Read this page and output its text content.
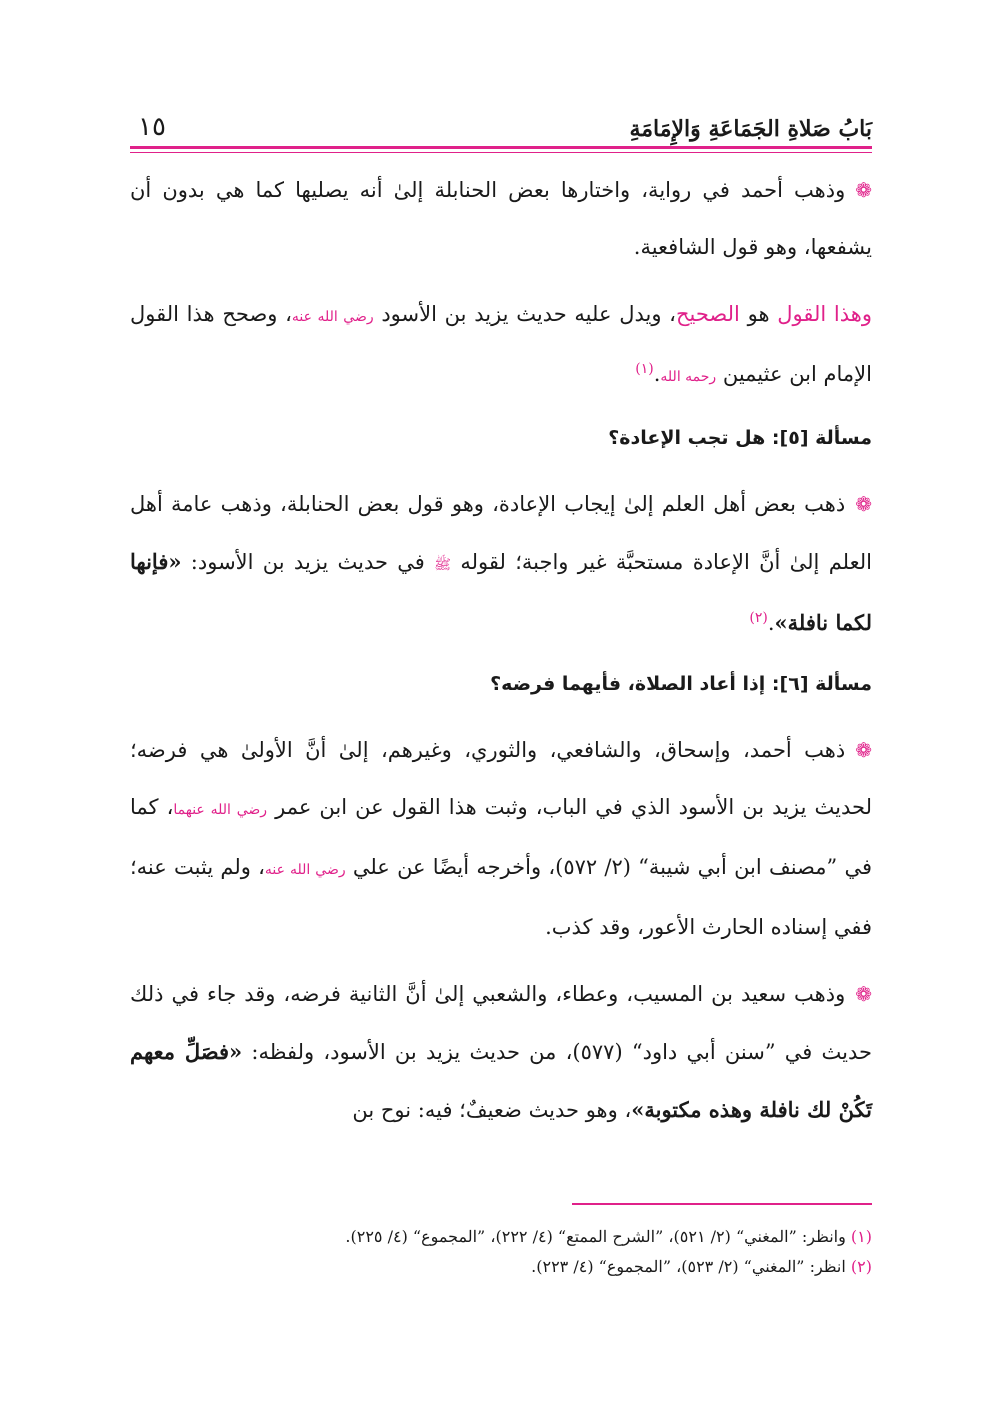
بَابُ صَلاةِ الجَمَاعَةِ وَالإِمَامَةِ
١٥

❁وذهب أحمد في رواية، واختارها بعض الحنابلة إلىٰ أنه يصليها كما هي بدون أن يشفعها، وهو قول الشافعية.

وهذا القول هو الصحيح، ويدل عليه حديث يزيد بن الأسود رضي الله عنه، وصحح هذا القول الإمام ابن عثيمين رحمه الله.$^{(١)}$

مسألة [٥]: هل تجب الإعادة؟

❁ذهب بعض أهل العلم إلىٰ إيجاب الإعادة، وهو قول بعض الحنابلة، وذهب عامة أهل العلم إلىٰ أنَّ الإعادة مستحبَّة غير واجبة؛ لقوله ﷺ في حديث يزيد بن الأسود: «فإنها لكما نافلة».$^{(٢)}$

مسألة [٦]: إذا أعاد الصلاة، فأيهما فرضه؟

❁ذهب أحمد، وإسحاق، والشافعي، والثوري، وغيرهم، إلىٰ أنَّ الأولىٰ هي فرضه؛ لحديث يزيد بن الأسود الذي في الباب، وثبت هذا القول عن ابن عمر رضي الله عنهما، كما في ”مصنف ابن أبي شيبة“ (٢/ ٥٧٢)، وأخرجه أيضًا عن علي رضي الله عنه، ولم يثبت عنه؛ ففي إسناده الحارث الأعور، وقد كذب.

❁وذهب سعيد بن المسيب، وعطاء، والشعبي إلىٰ أنَّ الثانية فرضه، وقد جاء في ذلك حديث في ”سنن أبي داود“ (٥٧٧)، من حديث يزيد بن الأسود، ولفظه: «فصَلِّ معهم تَكُنْ لك نافلة وهذه مكتوبة»، وهو حديث ضعيفٌ؛ فيه: نوح بن

(١) وانظر: ”المغني“ (٢/ ٥٢١)، ”الشرح الممتع“ (٤/ ٢٢٢)، ”المجموع“ (٤/ ٢٢٥).

(٢) انظر: ”المغني“ (٢/ ٥٢٣)، ”المجموع“ (٤/ ٢٢٣).
